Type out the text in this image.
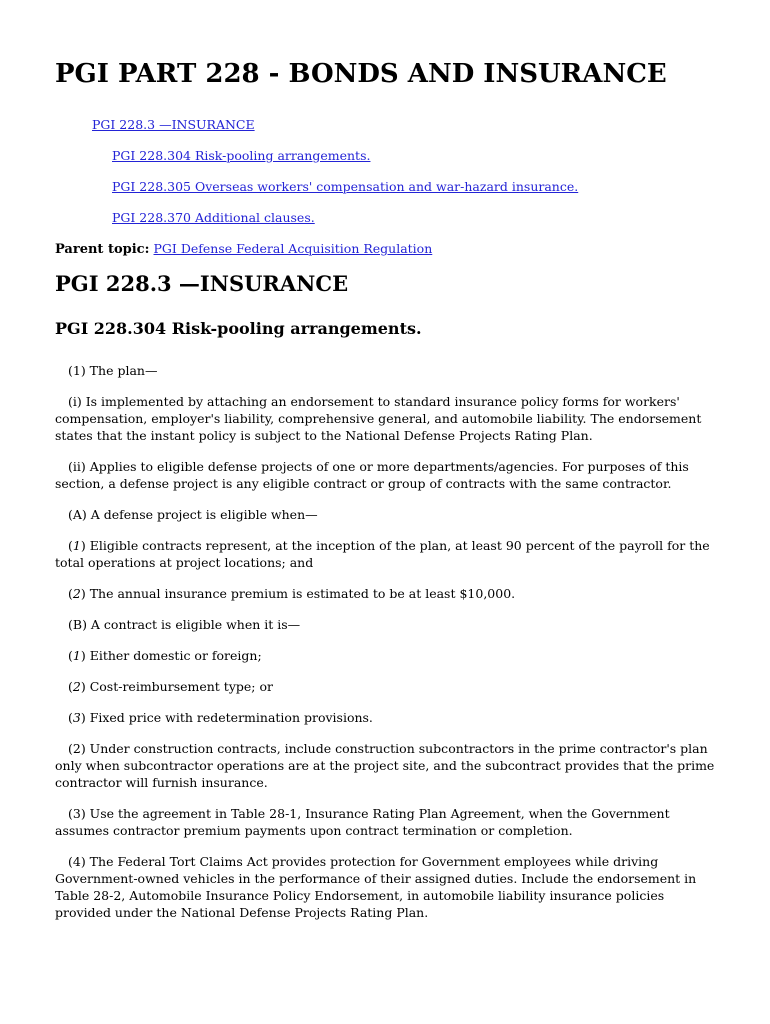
PGI PART 228 - BONDS AND INSURANCE
PGI 228.3 —INSURANCE
PGI 228.304 Risk-pooling arrangements.
PGI 228.305 Overseas workers' compensation and war-hazard insurance.
PGI 228.370 Additional clauses.
Parent topic: PGI Defense Federal Acquisition Regulation
PGI 228.3 —INSURANCE
PGI 228.304 Risk-pooling arrangements.

(1) The plan—

(i) Is implemented by attaching an endorsement to standard insurance policy forms for workers' compensation, employer's liability, comprehensive general, and automobile liability. The endorsement states that the instant policy is subject to the National Defense Projects Rating Plan.

(ii) Applies to eligible defense projects of one or more departments/agencies. For purposes of this section, a defense project is any eligible contract or group of contracts with the same contractor.

(A) A defense project is eligible when—

(1) Eligible contracts represent, at the inception of the plan, at least 90 percent of the payroll for the total operations at project locations; and

(2) The annual insurance premium is estimated to be at least $10,000.

(B) A contract is eligible when it is—

(1) Either domestic or foreign;

(2) Cost-reimbursement type; or

(3) Fixed price with redetermination provisions.

(2) Under construction contracts, include construction subcontractors in the prime contractor's plan only when subcontractor operations are at the project site, and the subcontract provides that the prime contractor will furnish insurance.

(3) Use the agreement in Table 28-1, Insurance Rating Plan Agreement, when the Government assumes contractor premium payments upon contract termination or completion.

(4) The Federal Tort Claims Act provides protection for Government employees while driving Government-owned vehicles in the performance of their assigned duties. Include the endorsement in Table 28-2, Automobile Insurance Policy Endorsement, in automobile liability insurance policies provided under the National Defense Projects Rating Plan.
